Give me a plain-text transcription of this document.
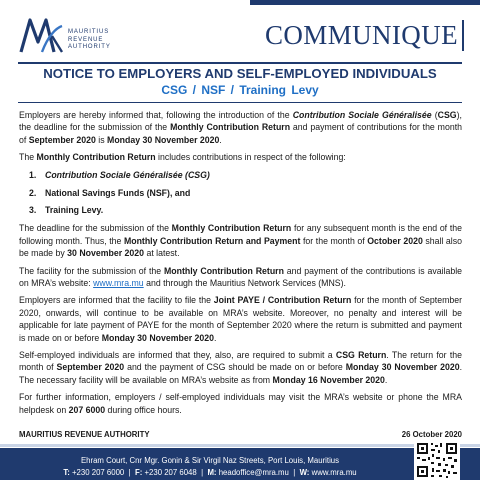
MAURITIUS
REVENUE
AUTHORITY	COMMUNIQUE
NOTICE TO EMPLOYERS AND SELF-EMPLOYED INDIVIDUALS
CSG / NSF / Training Levy

Employers are hereby informed that, following the introduction of the Contribution Sociale Généralisée (CSG), the deadline for the submission of the Monthly Contribution Return and payment of contributions for the month of September 2020 is Monday 30 November 2020.

The Monthly Contribution Return includes contributions in respect of the following:

1. Contribution Sociale Généralisée (CSG)
2. National Savings Funds (NSF), and
3. Training Levy.

The deadline for the submission of the Monthly Contribution Return for any subsequent month is the end of the following month. Thus, the Monthly Contribution Return and Payment for the month of October 2020 shall also be made by 30 November 2020 at latest.

The facility for the submission of the Monthly Contribution Return and payment of the contributions is available on MRA’s website: www.mra.mu and through the Mauritius Network Services (MNS).

Employers are informed that the facility to file the Joint PAYE / Contribution Return for the month of September 2020, onwards, will continue to be available on MRA’s website. Moreover, no penalty and interest will be applicable for late payment of PAYE for the month of September 2020 where the return is submitted and payment is made on or before Monday 30 November 2020.

Self-employed individuals are informed that they, also, are required to submit a CSG Return. The return for the month of September 2020 and the payment of CSG should be made on or before Monday 30 November 2020. The necessary facility will be available on MRA’s website as from Monday 16 November 2020.

For further information, employers / self-employed individuals may visit the MRA’s website or phone the MRA helpdesk on 207 6000 during office hours.

MAURITIUS REVENUE AUTHORITY	26 October 2020
Ehram Court, Cnr Mgr. Gonin & Sir Virgil Naz Streets, Port Louis, Mauritius
T: +230 207 6000  |  F: +230 207 6048  |  M: headoffice@mra.mu  |  W: www.mra.mu
